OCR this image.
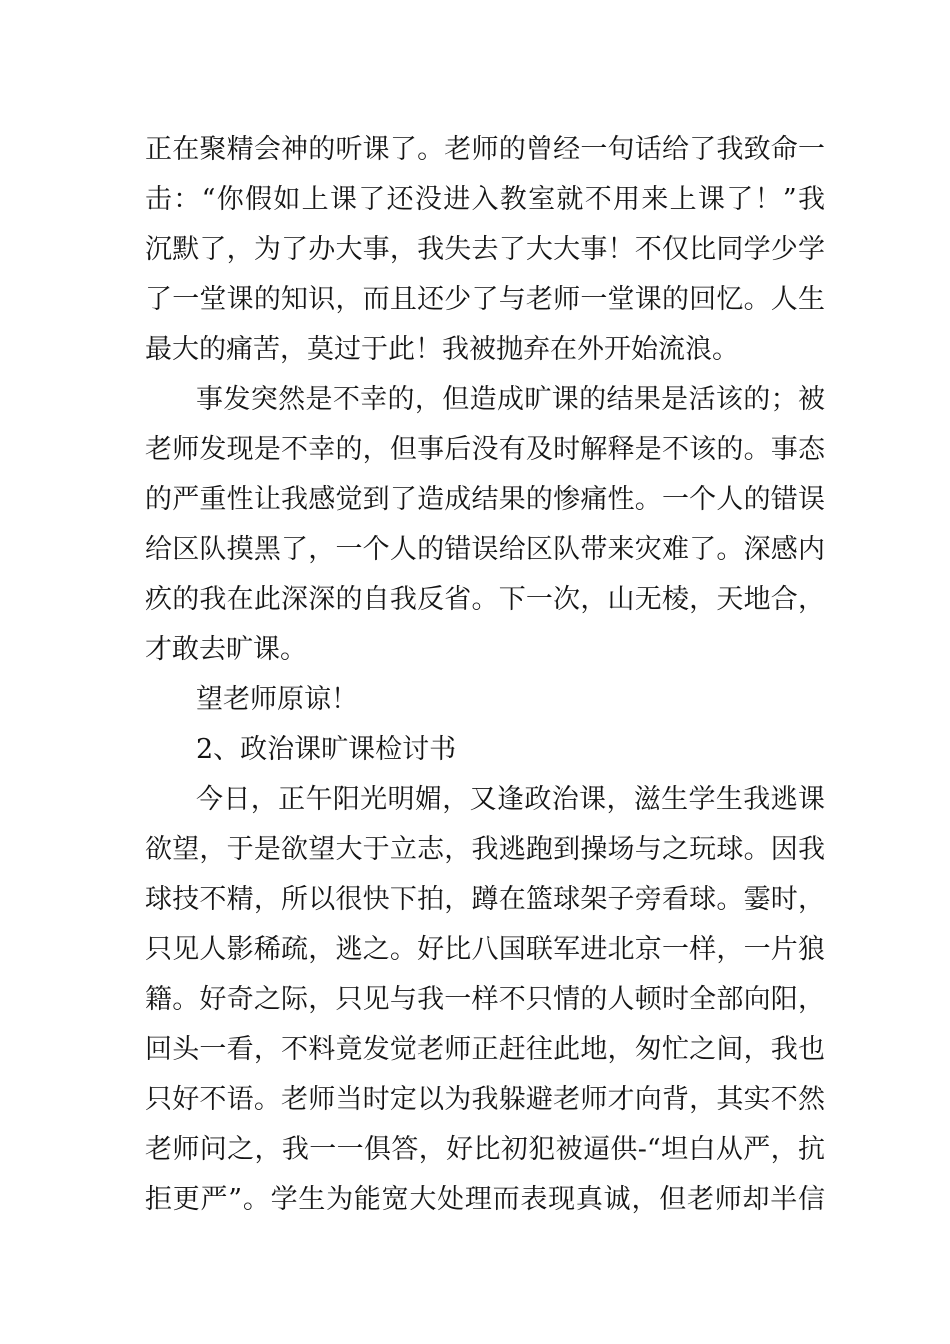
正在聚精会神的听课了。老师的曾经一句话给了我致命一

击：“你假如上课了还没进入教室就不用来上课了！”我

沉默了，为了办大事，我失去了大大事！不仅比同学少学

了一堂课的知识，而且还少了与老师一堂课的回忆。人生

最大的痛苦，莫过于此！我被抛弃在外开始流浪。

事发突然是不幸的，但造成旷课的结果是活该的；被

老师发现是不幸的，但事后没有及时解释是不该的。事态

的严重性让我感觉到了造成结果的惨痛性。一个人的错误

给区队摸黑了，一个人的错误给区队带来灾难了。深感内

疚的我在此深深的自我反省。下一次，山无棱，天地合，

才敢去旷课。

望老师原谅！

2、政治课旷课检讨书

今日，正午阳光明媚，又逢政治课，滋生学生我逃课

欲望，于是欲望大于立志，我逃跑到操场与之玩球。因我

球技不精，所以很快下拍，蹲在篮球架子旁看球。霎时，

只见人影稀疏，逃之。好比八国联军进北京一样，一片狼

籍。好奇之际，只见与我一样不只情的人顿时全部向阳，

回头一看，不料竟发觉老师正赶往此地，匆忙之间，我也

只好不语。老师当时定以为我躲避老师才向背，其实不然

老师问之，我一一俱答，好比初犯被逼供-“坦白从严，抗

拒更严”。学生为能宽大处理而表现真诚，但老师却半信
